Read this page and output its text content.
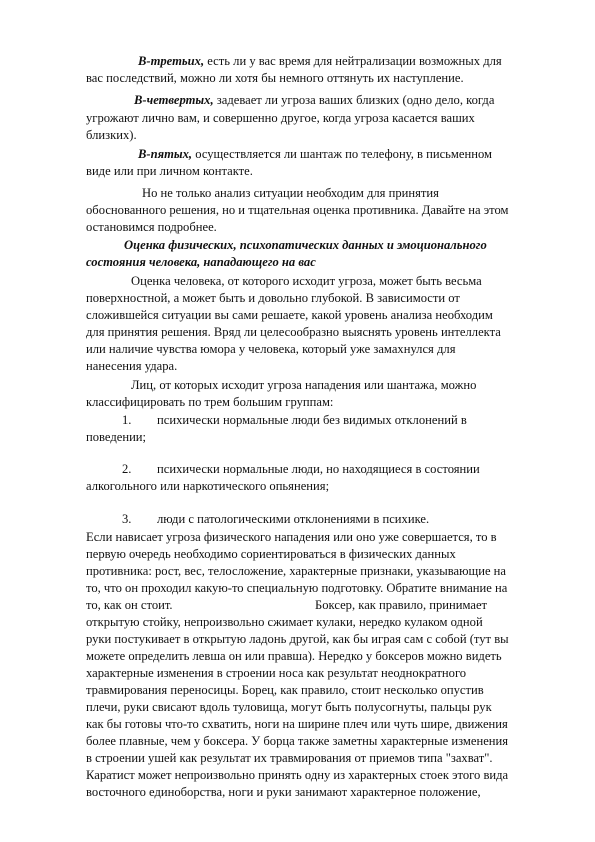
В-третьих, есть ли у вас время для нейтрализации возможных для

вас последствий, можно ли хотя бы немного оттянуть их наступление.

В-четвертых, задевает ли угроза ваших близких (одно дело, когда

угрожают лично вам, и совершенно другое, когда угроза касается ваших

близких).

В-пятых, осуществляется ли шантаж по телефону, в письменном

виде или при личном контакте.

Но не только анализ ситуации необходим для принятия

обоснованного решения, но и тщательная оценка противника. Давайте на этом

остановимся подробнее.

Оценка физических, психопатических данных и эмоционального

состояния человека, нападающего на вас

Оценка человека, от которого исходит угроза, может быть весьма

поверхностной, а может быть и довольно глубокой. В зависимости от

сложившейся ситуации вы сами решаете, какой уровень анализа необходим

для принятия решения. Вряд ли целесообразно выяснять уровень интеллекта

или наличие чувства юмора у человека, который уже замахнулся для

нанесения удара.

Лиц, от которых исходит угроза нападения или шантажа, можно

классифицировать по трем большим группам:

1. психически нормальные люди без видимых отклонений в

поведении;

2. психически нормальные люди, но находящиеся в состоянии

алкогольного или наркотического опьянения;

3. люди с патологическими отклонениями в психике.

Если нависает угроза физического нападения или оно уже совершается, то в

первую очередь необходимо сориентироваться в физических данных

противника: рост, вес, телосложение, характерные признаки, указывающие на

то, что он проходил какую-то специальную подготовку. Обратите внимание на

то, как он стоит.	Боксер, как правило, принимает

открытую стойку, непроизвольно сжимает кулаки, нередко кулаком одной

руки постукивает в открытую ладонь другой, как бы играя сам с собой (тут вы

можете определить левша он или правша). Нередко у боксеров можно видеть

характерные изменения в строении носа как результат неоднократного

травмирования переносицы. Борец, как правило, стоит несколько опустив

плечи, руки свисают вдоль туловища, могут быть полусогнуты, пальцы рук

как бы готовы что-то схватить, ноги на ширине плеч или чуть шире, движения

более плавные, чем у боксера. У борца также заметны характерные изменения

в строении ушей как результат их травмирования от приемов типа "захват".

Каратист может непроизвольно принять одну из характерных стоек этого вида

восточного единоборства, ноги и руки занимают характерное положение,
